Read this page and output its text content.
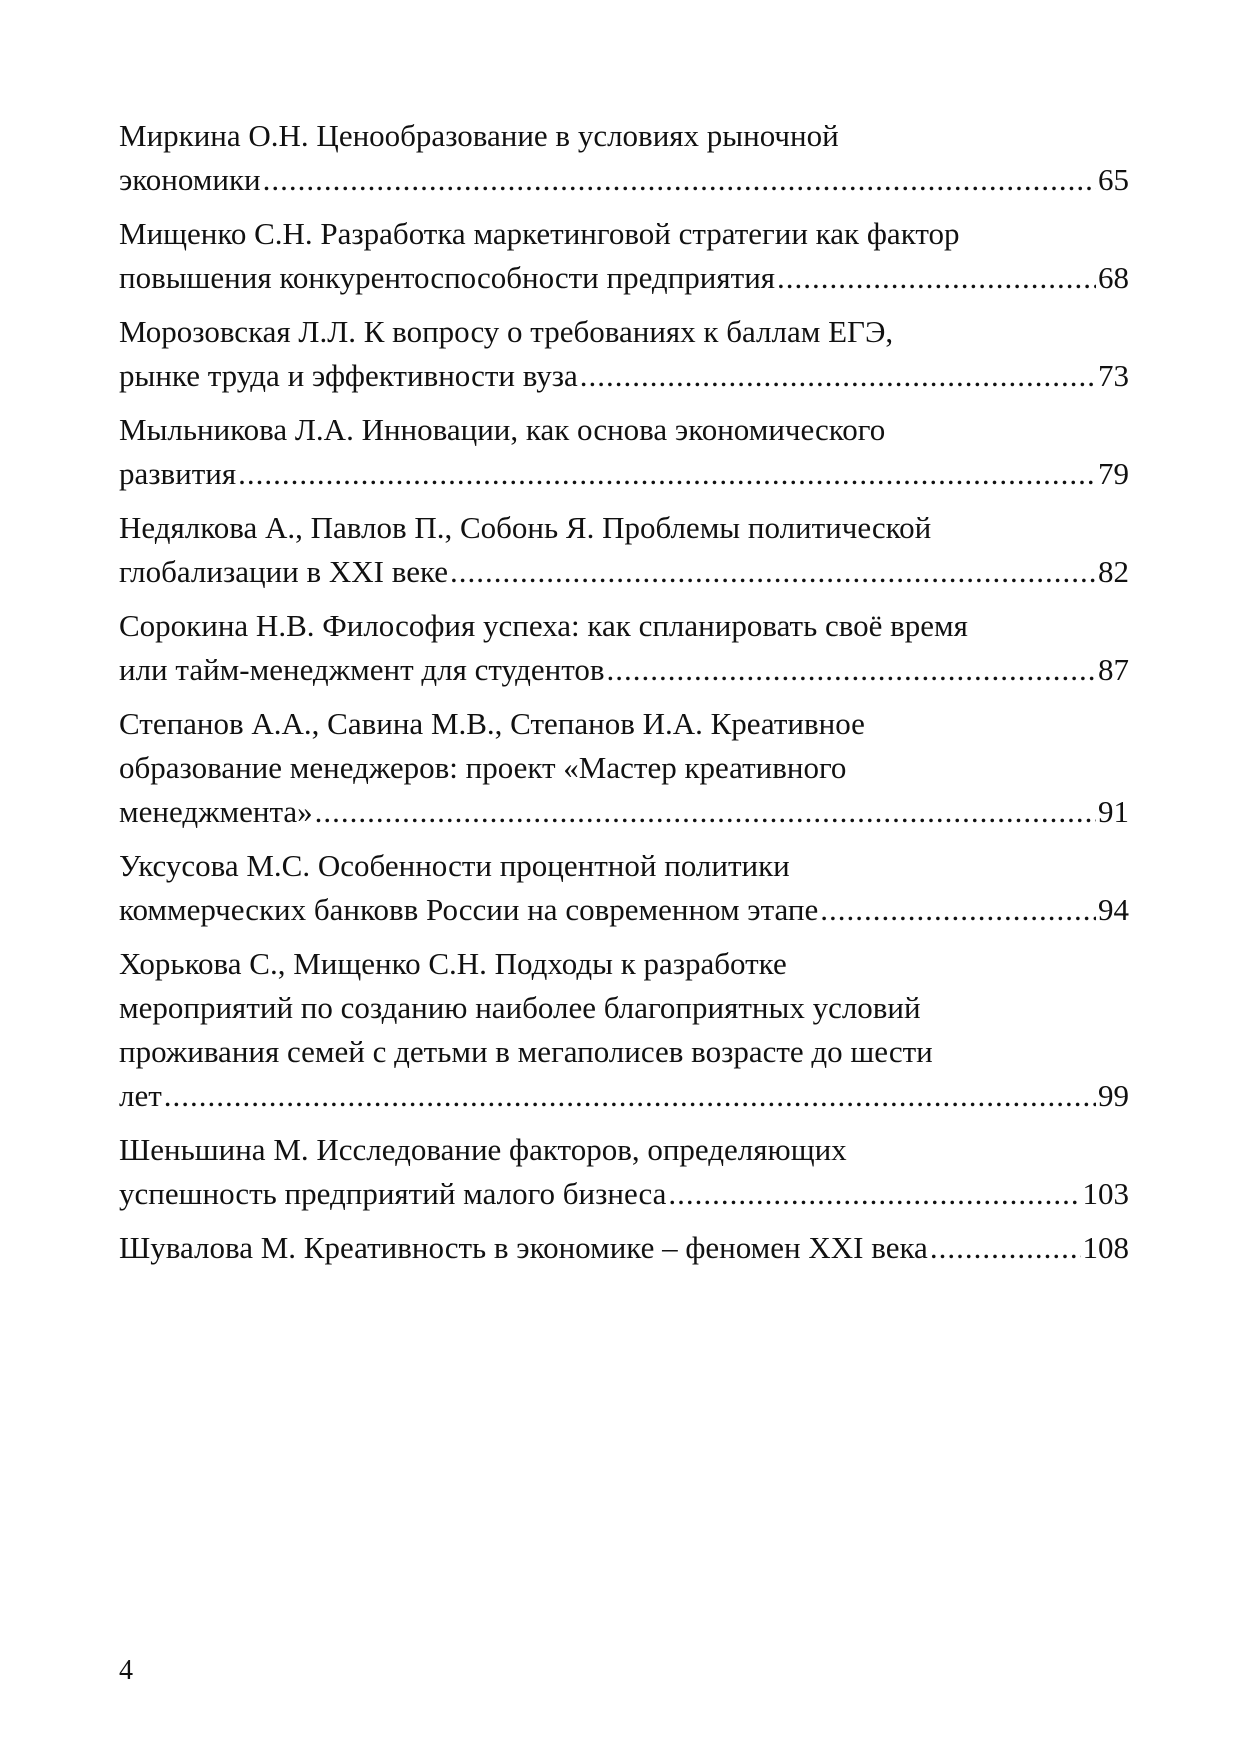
Миркина О.Н. Ценообразование в условиях рыночной
экономики .....	65
Мищенко С.Н. Разработка маркетинговой стратегии как фактор
повышения конкурентоспособности предприятия .....	68
Морозовская Л.Л. К вопросу о требованиях к баллам ЕГЭ,
рынке труда и эффективности вуза .....	73
Мыльникова Л.А. Инновации, как основа экономического
развития .....	79
Недялкова А., Павлов П., Собонь Я. Проблемы политической
глобализации в XXI веке .....	82
Сорокина Н.В. Философия успеха: как спланировать своё время
или тайм-менеджмент для студентов .....	87
Степанов А.А., Савина М.В., Степанов И.А. Креативное
образование менеджеров: проект «Мастер креативного
менеджмента» .....	91
Уксусова М.С. Особенности процентной политики
коммерческих банковв России на современном этапе .....	94
Хорькова С., Мищенко С.Н. Подходы к разработке
мероприятий по созданию наиболее благоприятных условий
проживания семей с детьми в мегаполисев возрасте до шести
лет .....	99
Шеньшина М. Исследование факторов, определяющих
успешность предприятий малого бизнеса .....	103
Шувалова М. Креативность в экономике – феномен XXI века .....	108
4
